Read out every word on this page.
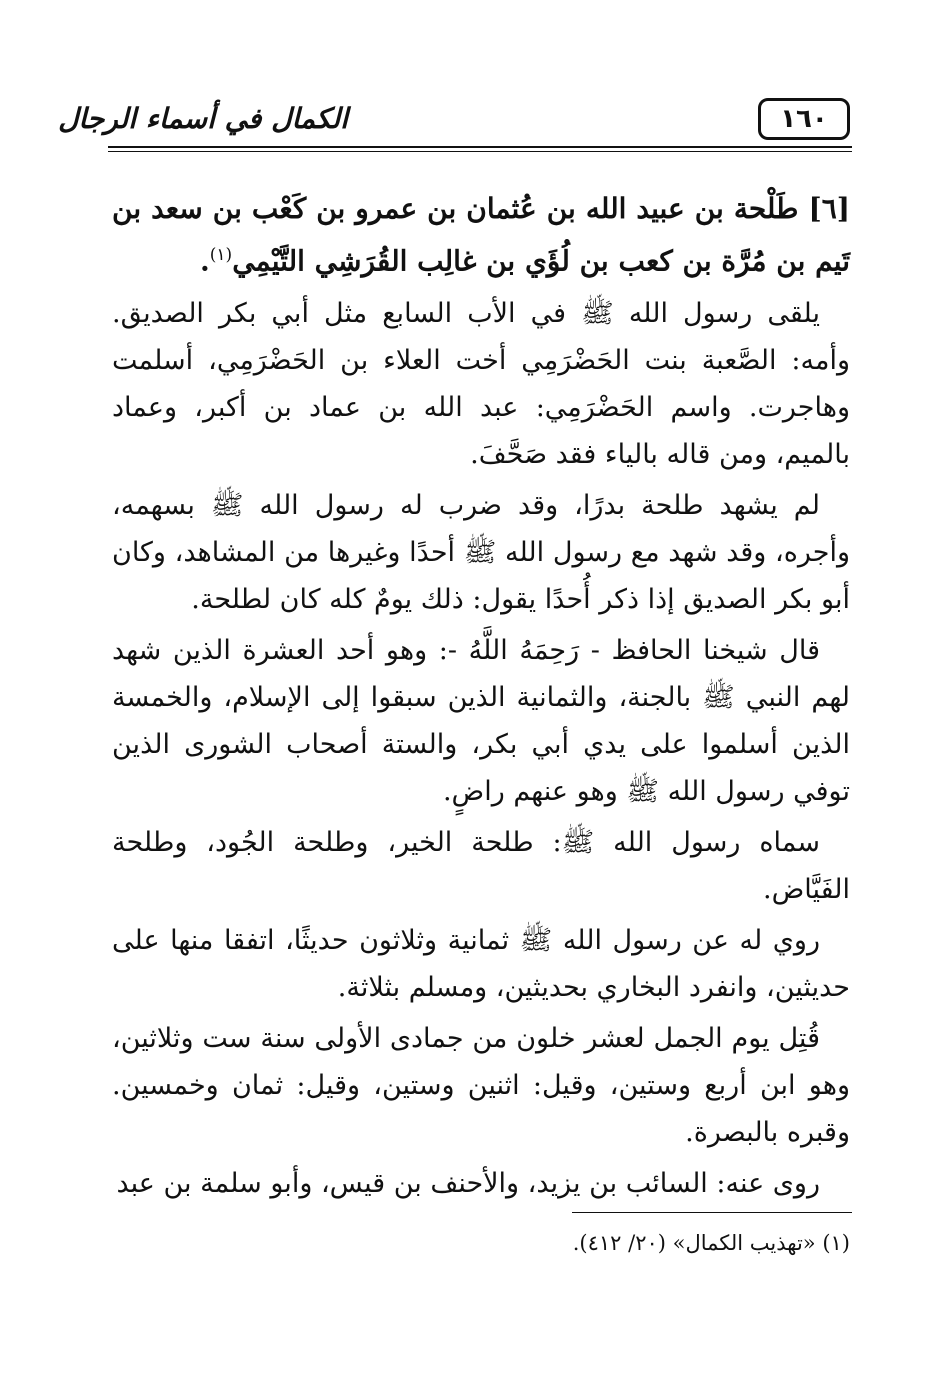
١٦٠
الكمال في أسماء الرجال

[٦] طَلْحة بن عبيد الله بن عُثمان بن عمرو بن كَعْب بن سعد بن تَيم بن مُرَّة بن كعب بن لُؤَي بن غالِب القُرَشِي التَّيْمِي$^{(١)}$.

يلقى رسول الله ﷺ في الأب السابع مثل أبي بكر الصديق. وأمه: الصَّعبة بنت الحَضْرَمِي أخت العلاء بن الحَضْرَمِي، أسلمت وهاجرت. واسم الحَضْرَمِي: عبد الله بن عماد بن أكبر، وعماد بالميم، ومن قاله بالياء فقد صَحَّفَ.

لم يشهد طلحة بدرًا، وقد ضرب له رسول الله ﷺ بسهمه، وأجره، وقد شهد مع رسول الله ﷺ أحدًا وغيرها من المشاهد، وكان أبو بكر الصديق إذا ذكر أُحدًا يقول: ذلك يومٌ كله كان لطلحة.

قال شيخنا الحافظ - رَحِمَهُ اللَّهُ -: وهو أحد العشرة الذين شهد لهم النبي ﷺ بالجنة، والثمانية الذين سبقوا إلى الإسلام، والخمسة الذين أسلموا على يدي أبي بكر، والستة أصحاب الشورى الذين توفي رسول الله ﷺ وهو عنهم راضٍ.

سماه رسول الله ﷺ: طلحة الخير، وطلحة الجُود، وطلحة الفَيَّاض.

روي له عن رسول الله ﷺ ثمانية وثلاثون حديثًا، اتفقا منها على حديثين، وانفرد البخاري بحديثين، ومسلم بثلاثة.

قُتِل يوم الجمل لعشر خلون من جمادى الأولى سنة ست وثلاثين، وهو ابن أربع وستين، وقيل: اثنين وستين، وقيل: ثمان وخمسين. وقبره بالبصرة.

روى عنه: السائب بن يزيد، والأحنف بن قيس، وأبو سلمة بن عبد

(١) «تهذيب الكمال» (٢٠/ ٤١٢).
